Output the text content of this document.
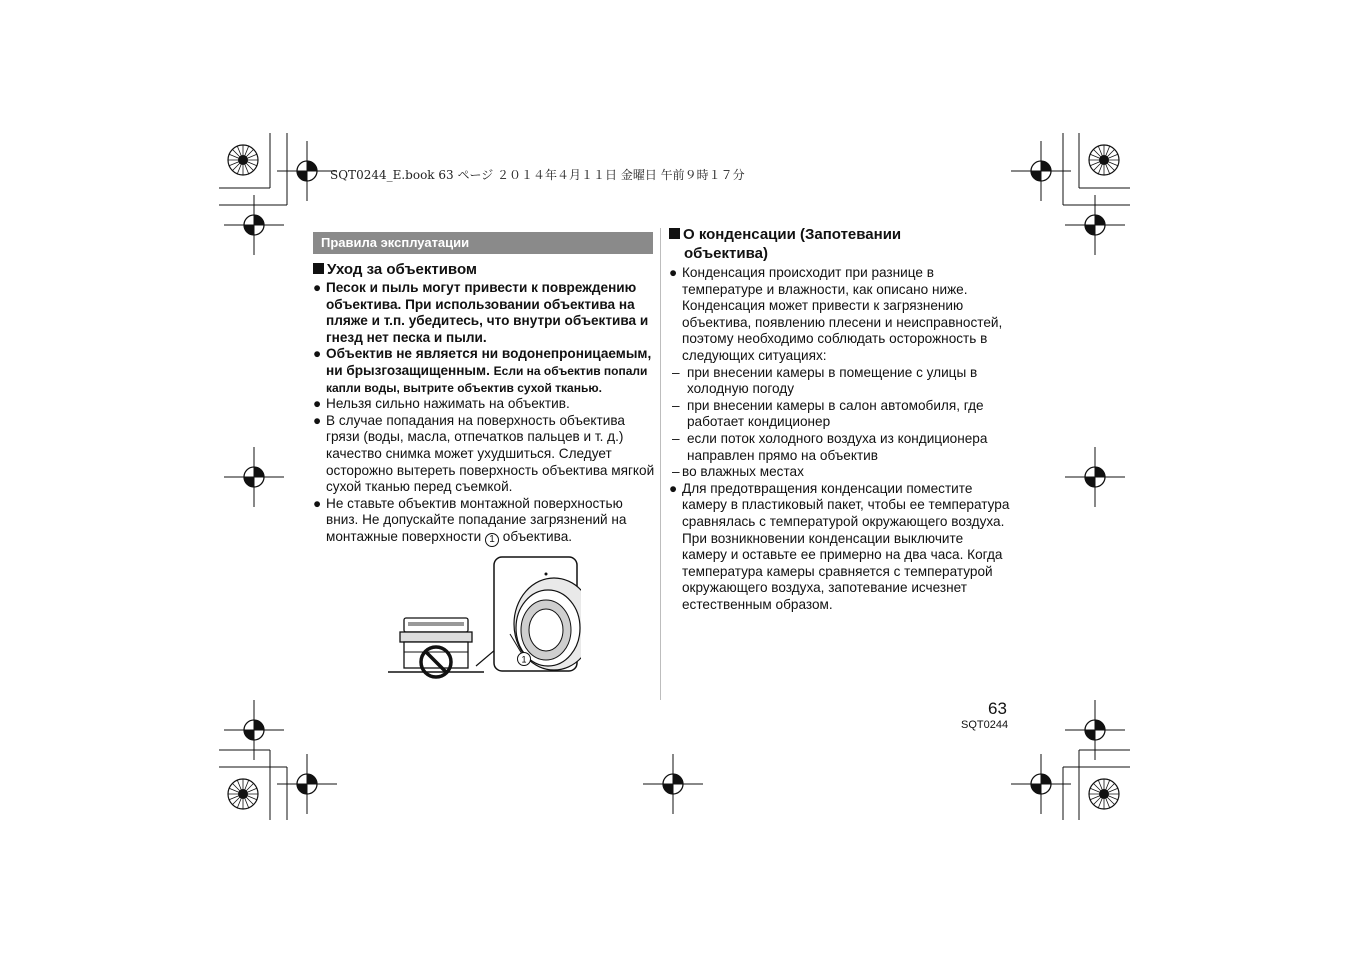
SQT0244_E.book 63 ページ ２０１４年４月１１日 金曜日 午前９時１７分
Правила эксплуатации
Уход за объективом
● Песок и пыль могут привести к повреждению объектива. При использовании объектива на пляже и т.п. убедитесь, что внутри объектива и гнезд нет песка и пыли.
● Объектив не является ни водонепроницаемым, ни брызгозащищенным. Если на объектив попали капли воды, вытрите объектив сухой тканью.
● Нельзя сильно нажимать на объектив.
● В случае попадания на поверхность объектива грязи (воды, масла, отпечатков пальцев и т. д.) качество снимка может ухудшиться. Следует осторожно вытереть поверхность объектива мягкой сухой тканью перед съемкой.
● Не ставьте объектив монтажной поверхностью вниз. Не допускайте попадание загрязнений на монтажные поверхности 1 объектива.
1
О конденсации (Запотевании
объектива)
● Конденсация происходит при разнице в температуре и влажности, как описано ниже. Конденсация может привести к загрязнению объектива, появлению плесени и неисправностей, поэтому необходимо соблюдать осторожность в следующих ситуациях:
– при внесении камеры в помещение с улицы в холодную погоду
– при внесении камеры в салон автомобиля, где работает кондиционер
– если поток холодного воздуха из кондиционера направлен прямо на объектив
– во влажных местах
● Для предотвращения конденсации поместите камеру в пластиковый пакет, чтобы ее температура сравнялась с температурой окружающего воздуха. При возникновении конденсации выключите камеру и оставьте ее примерно на два часа. Когда температура камеры сравняется с температурой окружающего воздуха, запотевание исчезнет естественным образом.
63
SQT0244
